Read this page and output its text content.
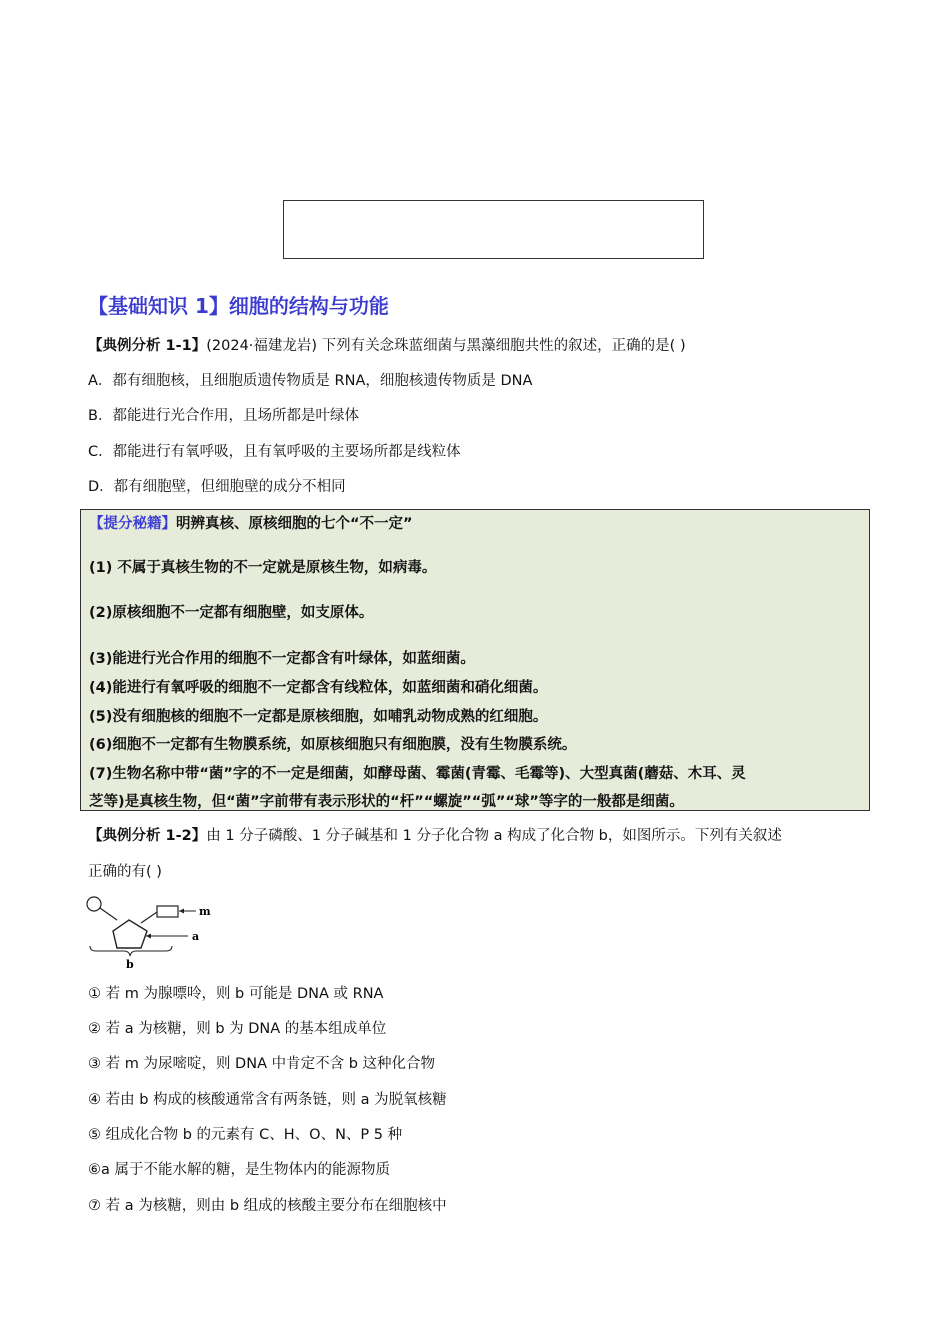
【基础知识 1】细胞的结构与功能
【典例分析 1-1】(2024·福建龙岩) 下列有关念珠蓝细菌与黑藻细胞共性的叙述，正确的是( )
A．都有细胞核，且细胞质遗传物质是 RNA，细胞核遗传物质是 DNA
B．都能进行光合作用，且场所都是叶绿体
C．都能进行有氧呼吸，且有氧呼吸的主要场所都是线粒体
D．都有细胞壁，但细胞壁的成分不相同
【提分秘籍】明辨真核、原核细胞的七个“不一定”
(1) 不属于真核生物的不一定就是原核生物，如病毒。
(2)原核细胞不一定都有细胞壁，如支原体。
(3)能进行光合作用的细胞不一定都含有叶绿体，如蓝细菌。
(4)能进行有氧呼吸的细胞不一定都含有线粒体，如蓝细菌和硝化细菌。
(5)没有细胞核的细胞不一定都是原核细胞，如哺乳动物成熟的红细胞。
(6)细胞不一定都有生物膜系统，如原核细胞只有细胞膜，没有生物膜系统。
(7)生物名称中带“菌”字的不一定是细菌，如酵母菌、霉菌(青霉、毛霉等)、大型真菌(蘑菇、木耳、灵
芝等)是真核生物，但“菌”字前带有表示形状的“杆”“螺旋”“弧”“球”等字的一般都是细菌。
【典例分析 1-2】由 1 分子磷酸、1 分子碱基和 1 分子化合物 a 构成了化合物 b，如图所示。下列有关叙述
正确的有( )
m
a
b
① 若 m 为腺嘌呤，则 b 可能是 DNA 或 RNA
② 若 a 为核糖，则 b 为 DNA 的基本组成单位
③ 若 m 为尿嘧啶，则 DNA 中肯定不含 b 这种化合物
④ 若由 b 构成的核酸通常含有两条链，则 a 为脱氧核糖
⑤ 组成化合物 b 的元素有 C、H、O、N、P 5 种
⑥a 属于不能水解的糖，是生物体内的能源物质
⑦ 若 a 为核糖，则由 b 组成的核酸主要分布在细胞核中
